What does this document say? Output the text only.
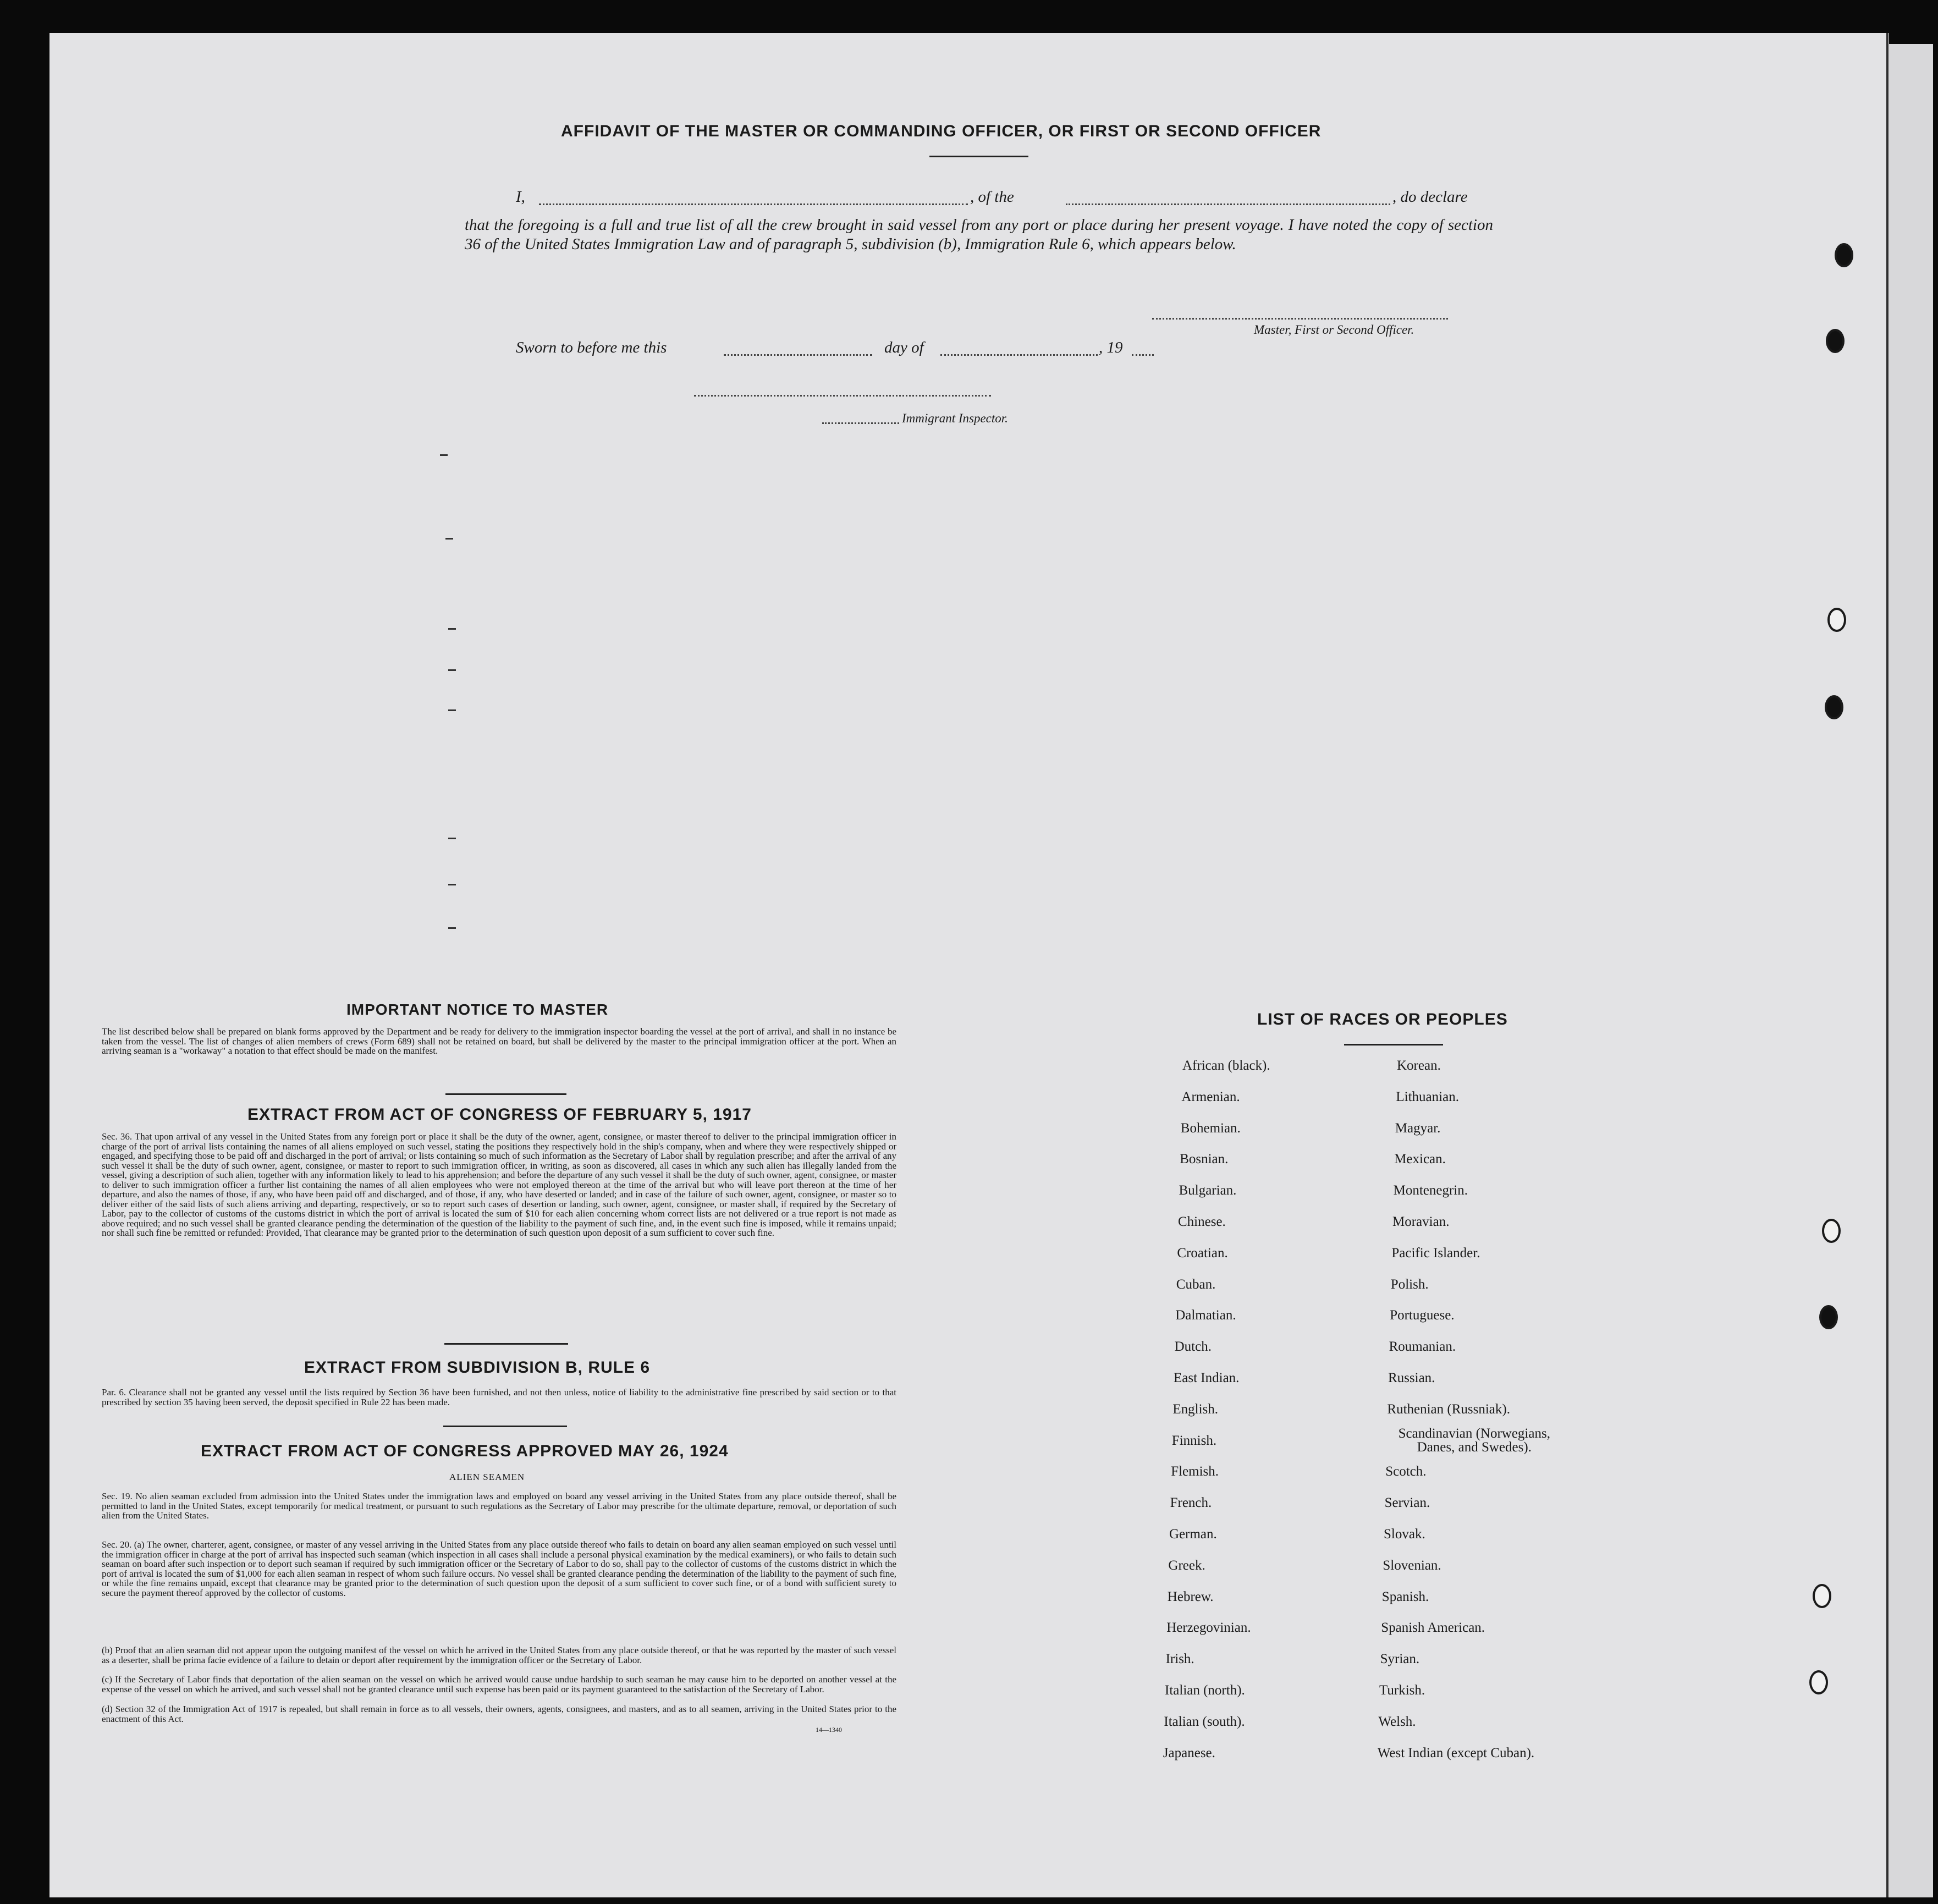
AFFIDAVIT OF THE MASTER OR COMMANDING OFFICER, OR FIRST OR SECOND OFFICER
I,	, of the	, do declare
that the foregoing is a full and true list of all the crew brought in said vessel from any port or place during her present voyage. I have noted the copy of section 36 of the United States Immigration Law and of paragraph 5, subdivision (b), Immigration Rule 6, which appears below.
Master, First or Second Officer.
Sworn to before me this	day of	, 19
Immigrant Inspector.
IMPORTANT NOTICE TO MASTER
The list described below shall be prepared on blank forms approved by the Department and be ready for delivery to the immigration inspector boarding the vessel at the port of arrival, and shall in no instance be taken from the vessel. The list of changes of alien members of crews (Form 689) shall not be retained on board, but shall be delivered by the master to the principal immigration officer at the port. When an arriving seaman is a "workaway" a notation to that effect should be made on the manifest.
EXTRACT FROM ACT OF CONGRESS OF FEBRUARY 5, 1917
Sec. 36. That upon arrival of any vessel in the United States from any foreign port or place it shall be the duty of the owner, agent, consignee, or master thereof to deliver to the principal immigration officer in charge of the port of arrival lists containing the names of all aliens employed on such vessel, stating the positions they respectively hold in the ship's company, when and where they were respectively shipped or engaged, and specifying those to be paid off and discharged in the port of arrival; or lists containing so much of such information as the Secretary of Labor shall by regulation prescribe; and after the arrival of any such vessel it shall be the duty of such owner, agent, consignee, or master to report to such immigration officer, in writing, as soon as discovered, all cases in which any such alien has illegally landed from the vessel, giving a description of such alien, together with any information likely to lead to his apprehension; and before the departure of any such vessel it shall be the duty of such owner, agent, consignee, or master to deliver to such immigration officer a further list containing the names of all alien employees who were not employed thereon at the time of the arrival but who will leave port thereon at the time of her departure, and also the names of those, if any, who have been paid off and discharged, and of those, if any, who have deserted or landed; and in case of the failure of such owner, agent, consignee, or master so to deliver either of the said lists of such aliens arriving and departing, respectively, or so to report such cases of desertion or landing, such owner, agent, consignee, or master shall, if required by the Secretary of Labor, pay to the collector of customs of the customs district in which the port of arrival is located the sum of $10 for each alien concerning whom correct lists are not delivered or a true report is not made as above required; and no such vessel shall be granted clearance pending the determination of the question of the liability to the payment of such fine, and, in the event such fine is imposed, while it remains unpaid; nor shall such fine be remitted or refunded: Provided, That clearance may be granted prior to the determination of such question upon deposit of a sum sufficient to cover such fine.
EXTRACT FROM SUBDIVISION B, RULE 6
Par. 6. Clearance shall not be granted any vessel until the lists required by Section 36 have been furnished, and not then unless, notice of liability to the administrative fine prescribed by said section or to that prescribed by section 35 having been served, the deposit specified in Rule 22 has been made.
EXTRACT FROM ACT OF CONGRESS APPROVED MAY 26, 1924
ALIEN SEAMEN
Sec. 19. No alien seaman excluded from admission into the United States under the immigration laws and employed on board any vessel arriving in the United States from any place outside thereof, shall be permitted to land in the United States, except temporarily for medical treatment, or pursuant to such regulations as the Secretary of Labor may prescribe for the ultimate departure, removal, or deportation of such alien from the United States.
Sec. 20. (a) The owner, charterer, agent, consignee, or master of any vessel arriving in the United States from any place outside thereof who fails to detain on board any alien seaman employed on such vessel until the immigration officer in charge at the port of arrival has inspected such seaman (which inspection in all cases shall include a personal physical examination by the medical examiners), or who fails to detain such seaman on board after such inspection or to deport such seaman if required by such immigration officer or the Secretary of Labor to do so, shall pay to the collector of customs of the customs district in which the port of arrival is located the sum of $1,000 for each alien seaman in respect of whom such failure occurs. No vessel shall be granted clearance pending the determination of the liability to the payment of such fine, or while the fine remains unpaid, except that clearance may be granted prior to the determination of such question upon the deposit of a sum sufficient to cover such fine, or of a bond with sufficient surety to secure the payment thereof approved by the collector of customs.
(b) Proof that an alien seaman did not appear upon the outgoing manifest of the vessel on which he arrived in the United States from any place outside thereof, or that he was reported by the master of such vessel as a deserter, shall be prima facie evidence of a failure to detain or deport after requirement by the immigration officer or the Secretary of Labor.
(c) If the Secretary of Labor finds that deportation of the alien seaman on the vessel on which he arrived would cause undue hardship to such seaman he may cause him to be deported on another vessel at the expense of the vessel on which he arrived, and such vessel shall not be granted clearance until such expense has been paid or its payment guaranteed to the satisfaction of the Secretary of Labor.
(d) Section 32 of the Immigration Act of 1917 is repealed, but shall remain in force as to all vessels, their owners, agents, consignees, and masters, and as to all seamen, arriving in the United States prior to the enactment of this Act.
14—1340
LIST OF RACES OR PEOPLES
African (black).
Armenian.
Bohemian.
Bosnian.
Bulgarian.
Chinese.
Croatian.
Cuban.
Dalmatian.
Dutch.
East Indian.
English.
Finnish.
Flemish.
French.
German.
Greek.
Hebrew.
Herzegovinian.
Irish.
Italian (north).
Italian (south).
Japanese.
Korean.
Lithuanian.
Magyar.
Mexican.
Montenegrin.
Moravian.
Pacific Islander.
Polish.
Portuguese.
Roumanian.
Russian.
Ruthenian (Russniak).
Scandinavian (Norwegians, Danes, and Swedes).
Scotch.
Servian.
Slovak.
Slovenian.
Spanish.
Spanish American.
Syrian.
Turkish.
Welsh.
West Indian (except Cuban).
